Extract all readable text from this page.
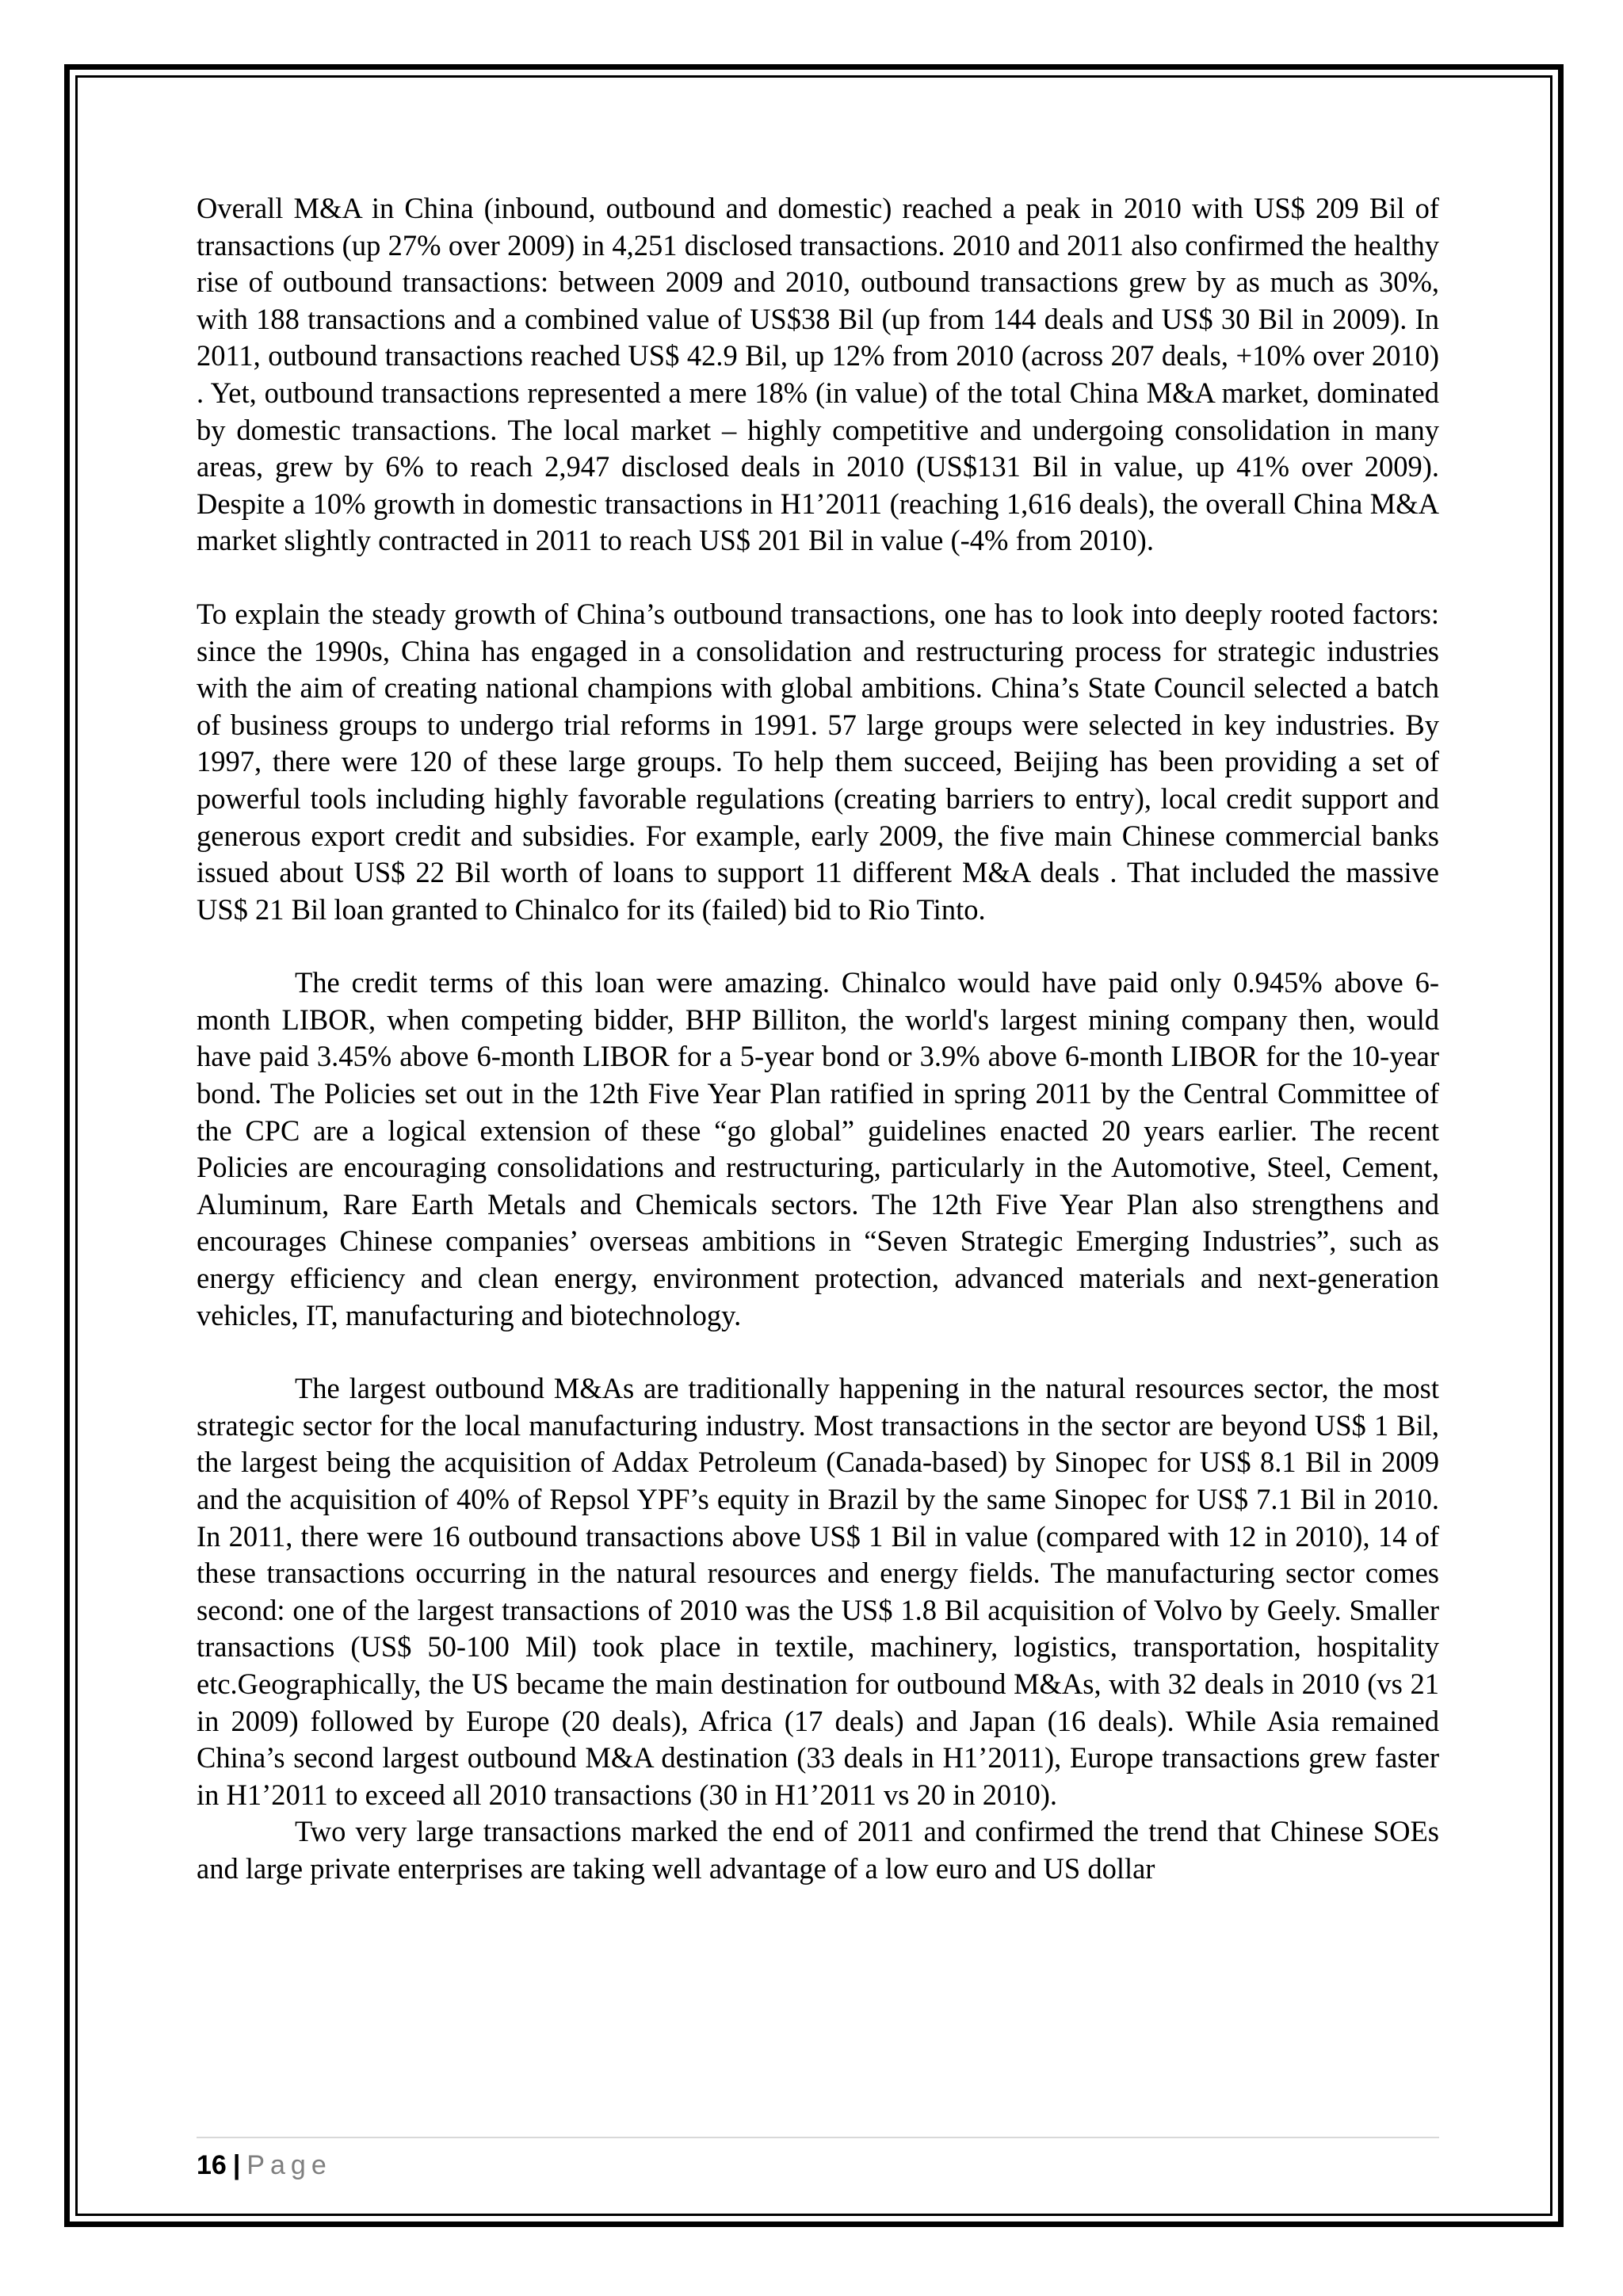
Overall M&A in China (inbound, outbound and domestic) reached a peak in 2010 with US$ 209 Bil of transactions (up 27% over 2009) in 4,251 disclosed transactions. 2010 and 2011 also confirmed the healthy rise of outbound transactions: between 2009 and 2010, outbound transactions grew by as much as 30%, with 188 transactions and a combined value of US$38 Bil (up from 144 deals and US$ 30 Bil in 2009). In 2011, outbound transactions reached US$ 42.9 Bil, up 12% from 2010 (across 207 deals, +10% over 2010) . Yet, outbound transactions represented a mere 18% (in value) of the total China M&A market, dominated by domestic transactions. The local market – highly competitive and undergoing consolidation in many areas, grew by 6% to reach 2,947 disclosed deals in 2010 (US$131 Bil in value, up 41% over 2009). Despite a 10% growth in domestic transactions in H1’2011 (reaching 1,616 deals), the overall China M&A market slightly contracted in 2011 to reach US$ 201 Bil in value (-4% from 2010).

To explain the steady growth of China’s outbound transactions, one has to look into deeply rooted factors: since the 1990s, China has engaged in a consolidation and restructuring process for strategic industries with the aim of creating national champions with global ambitions. China’s State Council selected a batch of business groups to undergo trial reforms in 1991. 57 large groups were selected in key industries. By 1997, there were 120 of these large groups. To help them succeed, Beijing has been providing a set of powerful tools including highly favorable regulations (creating barriers to entry), local credit support and generous export credit and subsidies. For example, early 2009, the five main Chinese commercial banks issued about US$ 22 Bil worth of loans to support 11 different M&A deals . That included the massive US$ 21 Bil loan granted to Chinalco for its (failed) bid to Rio Tinto.

The credit terms of this loan were amazing. Chinalco would have paid only 0.945% above 6-month LIBOR, when competing bidder, BHP Billiton, the world's largest mining company then, would have paid 3.45% above 6-month LIBOR for a 5-year bond or 3.9% above 6-month LIBOR for the 10-year bond. The Policies set out in the 12th Five Year Plan ratified in spring 2011 by the Central Committee of the CPC are a logical extension of these “go global” guidelines enacted 20 years earlier. The recent Policies are encouraging consolidations and restructuring, particularly in the Automotive, Steel, Cement, Aluminum, Rare Earth Metals and Chemicals sectors. The 12th Five Year Plan also strengthens and encourages Chinese companies’ overseas ambitions in “Seven Strategic Emerging Industries”, such as energy efficiency and clean energy, environment protection, advanced materials and next-generation vehicles, IT, manufacturing and biotechnology.

The largest outbound M&As are traditionally happening in the natural resources sector, the most strategic sector for the local manufacturing industry. Most transactions in the sector are beyond US$ 1 Bil, the largest being the acquisition of Addax Petroleum (Canada-based) by Sinopec for US$ 8.1 Bil in 2009 and the acquisition of 40% of Repsol YPF’s equity in Brazil by the same Sinopec for US$ 7.1 Bil in 2010. In 2011, there were 16 outbound transactions above US$ 1 Bil in value (compared with 12 in 2010), 14 of these transactions occurring in the natural resources and energy fields. The manufacturing sector comes second: one of the largest transactions of 2010 was the US$ 1.8 Bil acquisition of Volvo by Geely. Smaller transactions (US$ 50-100 Mil) took place in textile, machinery, logistics, transportation, hospitality etc.Geographically, the US became the main destination for outbound M&As, with 32 deals in 2010 (vs 21 in 2009) followed by Europe (20 deals), Africa (17 deals) and Japan (16 deals). While Asia remained China’s second largest outbound M&A destination (33 deals in H1’2011), Europe transactions grew faster in H1’2011 to exceed all 2010 transactions (30 in H1’2011 vs 20 in 2010).

Two very large transactions marked the end of 2011 and confirmed the trend that Chinese SOEs and large private enterprises are taking well advantage of a low euro and US dollar

16 | Page
